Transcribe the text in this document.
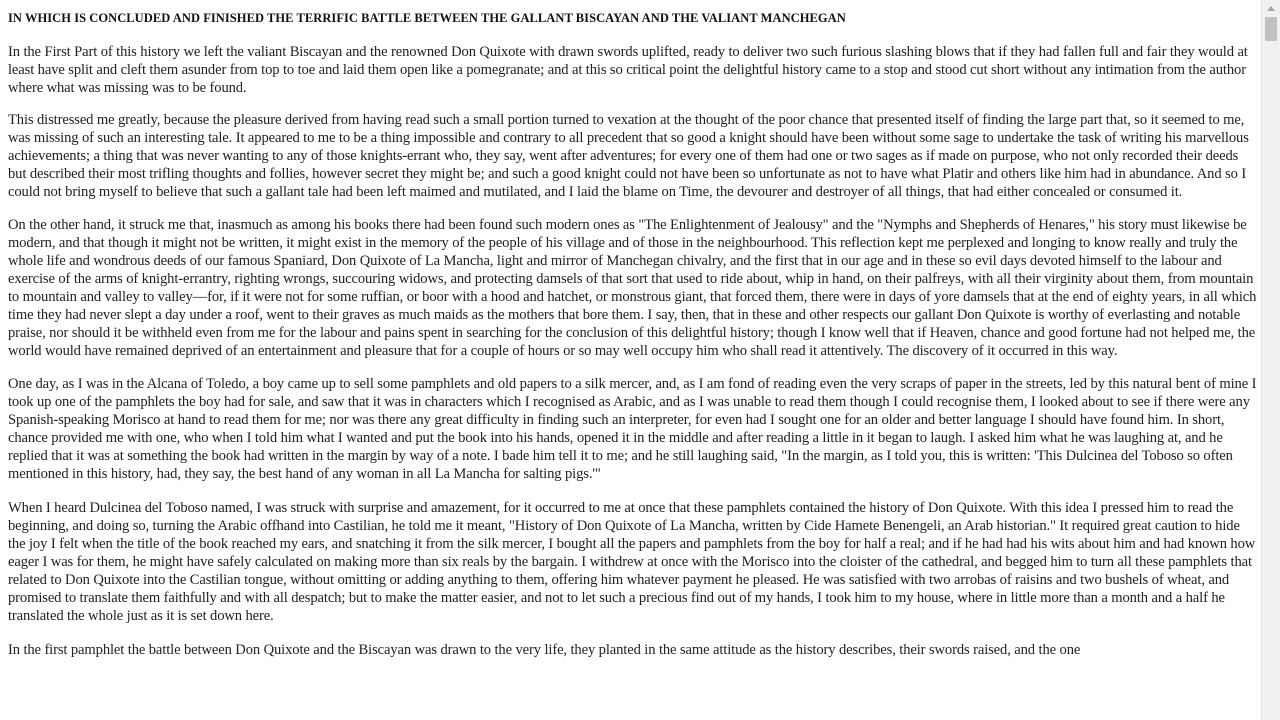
IN WHICH IS CONCLUDED AND FINISHED THE TERRIFIC BATTLE BETWEEN THE GALLANT BISCAYAN AND THE VALIANT MANCHEGAN

In the First Part of this history we left the valiant Biscayan and the renowned Don Quixote with drawn swords uplifted, ready to deliver two such furious slashing blows that if they had fallen full and fair they would at least have split and cleft them asunder from top to toe and laid them open like a pomegranate; and at this so critical point the delightful history came to a stop and stood cut short without any intimation from the author where what was missing was to be found.

This distressed me greatly, because the pleasure derived from having read such a small portion turned to vexation at the thought of the poor chance that presented itself of finding the large part that, so it seemed to me, was missing of such an interesting tale. It appeared to me to be a thing impossible and contrary to all precedent that so good a knight should have been without some sage to undertake the task of writing his marvellous achievements; a thing that was never wanting to any of those knights-errant who, they say, went after adventures; for every one of them had one or two sages as if made on purpose, who not only recorded their deeds but described their most trifling thoughts and follies, however secret they might be; and such a good knight could not have been so unfortunate as not to have what Platir and others like him had in abundance. And so I could not bring myself to believe that such a gallant tale had been left maimed and mutilated, and I laid the blame on Time, the devourer and destroyer of all things, that had either concealed or consumed it.

On the other hand, it struck me that, inasmuch as among his books there had been found such modern ones as "The Enlightenment of Jealousy" and the "Nymphs and Shepherds of Henares," his story must likewise be modern, and that though it might not be written, it might exist in the memory of the people of his village and of those in the neighbourhood. This reflection kept me perplexed and longing to know really and truly the whole life and wondrous deeds of our famous Spaniard, Don Quixote of La Mancha, light and mirror of Manchegan chivalry, and the first that in our age and in these so evil days devoted himself to the labour and exercise of the arms of knight-errantry, righting wrongs, succouring widows, and protecting damsels of that sort that used to ride about, whip in hand, on their palfreys, with all their virginity about them, from mountain to mountain and valley to valley—for, if it were not for some ruffian, or boor with a hood and hatchet, or monstrous giant, that forced them, there were in days of yore damsels that at the end of eighty years, in all which time they had never slept a day under a roof, went to their graves as much maids as the mothers that bore them. I say, then, that in these and other respects our gallant Don Quixote is worthy of everlasting and notable praise, nor should it be withheld even from me for the labour and pains spent in searching for the conclusion of this delightful history; though I know well that if Heaven, chance and good fortune had not helped me, the world would have remained deprived of an entertainment and pleasure that for a couple of hours or so may well occupy him who shall read it attentively. The discovery of it occurred in this way.

One day, as I was in the Alcana of Toledo, a boy came up to sell some pamphlets and old papers to a silk mercer, and, as I am fond of reading even the very scraps of paper in the streets, led by this natural bent of mine I took up one of the pamphlets the boy had for sale, and saw that it was in characters which I recognised as Arabic, and as I was unable to read them though I could recognise them, I looked about to see if there were any Spanish-speaking Morisco at hand to read them for me; nor was there any great difficulty in finding such an interpreter, for even had I sought one for an older and better language I should have found him. In short, chance provided me with one, who when I told him what I wanted and put the book into his hands, opened it in the middle and after reading a little in it began to laugh. I asked him what he was laughing at, and he replied that it was at something the book had written in the margin by way of a note. I bade him tell it to me; and he still laughing said, "In the margin, as I told you, this is written: 'This Dulcinea del Toboso so often mentioned in this history, had, they say, the best hand of any woman in all La Mancha for salting pigs.'"

When I heard Dulcinea del Toboso named, I was struck with surprise and amazement, for it occurred to me at once that these pamphlets contained the history of Don Quixote. With this idea I pressed him to read the beginning, and doing so, turning the Arabic offhand into Castilian, he told me it meant, "History of Don Quixote of La Mancha, written by Cide Hamete Benengeli, an Arab historian." It required great caution to hide the joy I felt when the title of the book reached my ears, and snatching it from the silk mercer, I bought all the papers and pamphlets from the boy for half a real; and if he had had his wits about him and had known how eager I was for them, he might have safely calculated on making more than six reals by the bargain. I withdrew at once with the Morisco into the cloister of the cathedral, and begged him to turn all these pamphlets that related to Don Quixote into the Castilian tongue, without omitting or adding anything to them, offering him whatever payment he pleased. He was satisfied with two arrobas of raisins and two bushels of wheat, and promised to translate them faithfully and with all despatch; but to make the matter easier, and not to let such a precious find out of my hands, I took him to my house, where in little more than a month and a half he translated the whole just as it is set down here.

In the first pamphlet the battle between Don Quixote and the Biscayan was drawn to the very life, they planted in the same attitude as the history describes, their swords raised, and the one
